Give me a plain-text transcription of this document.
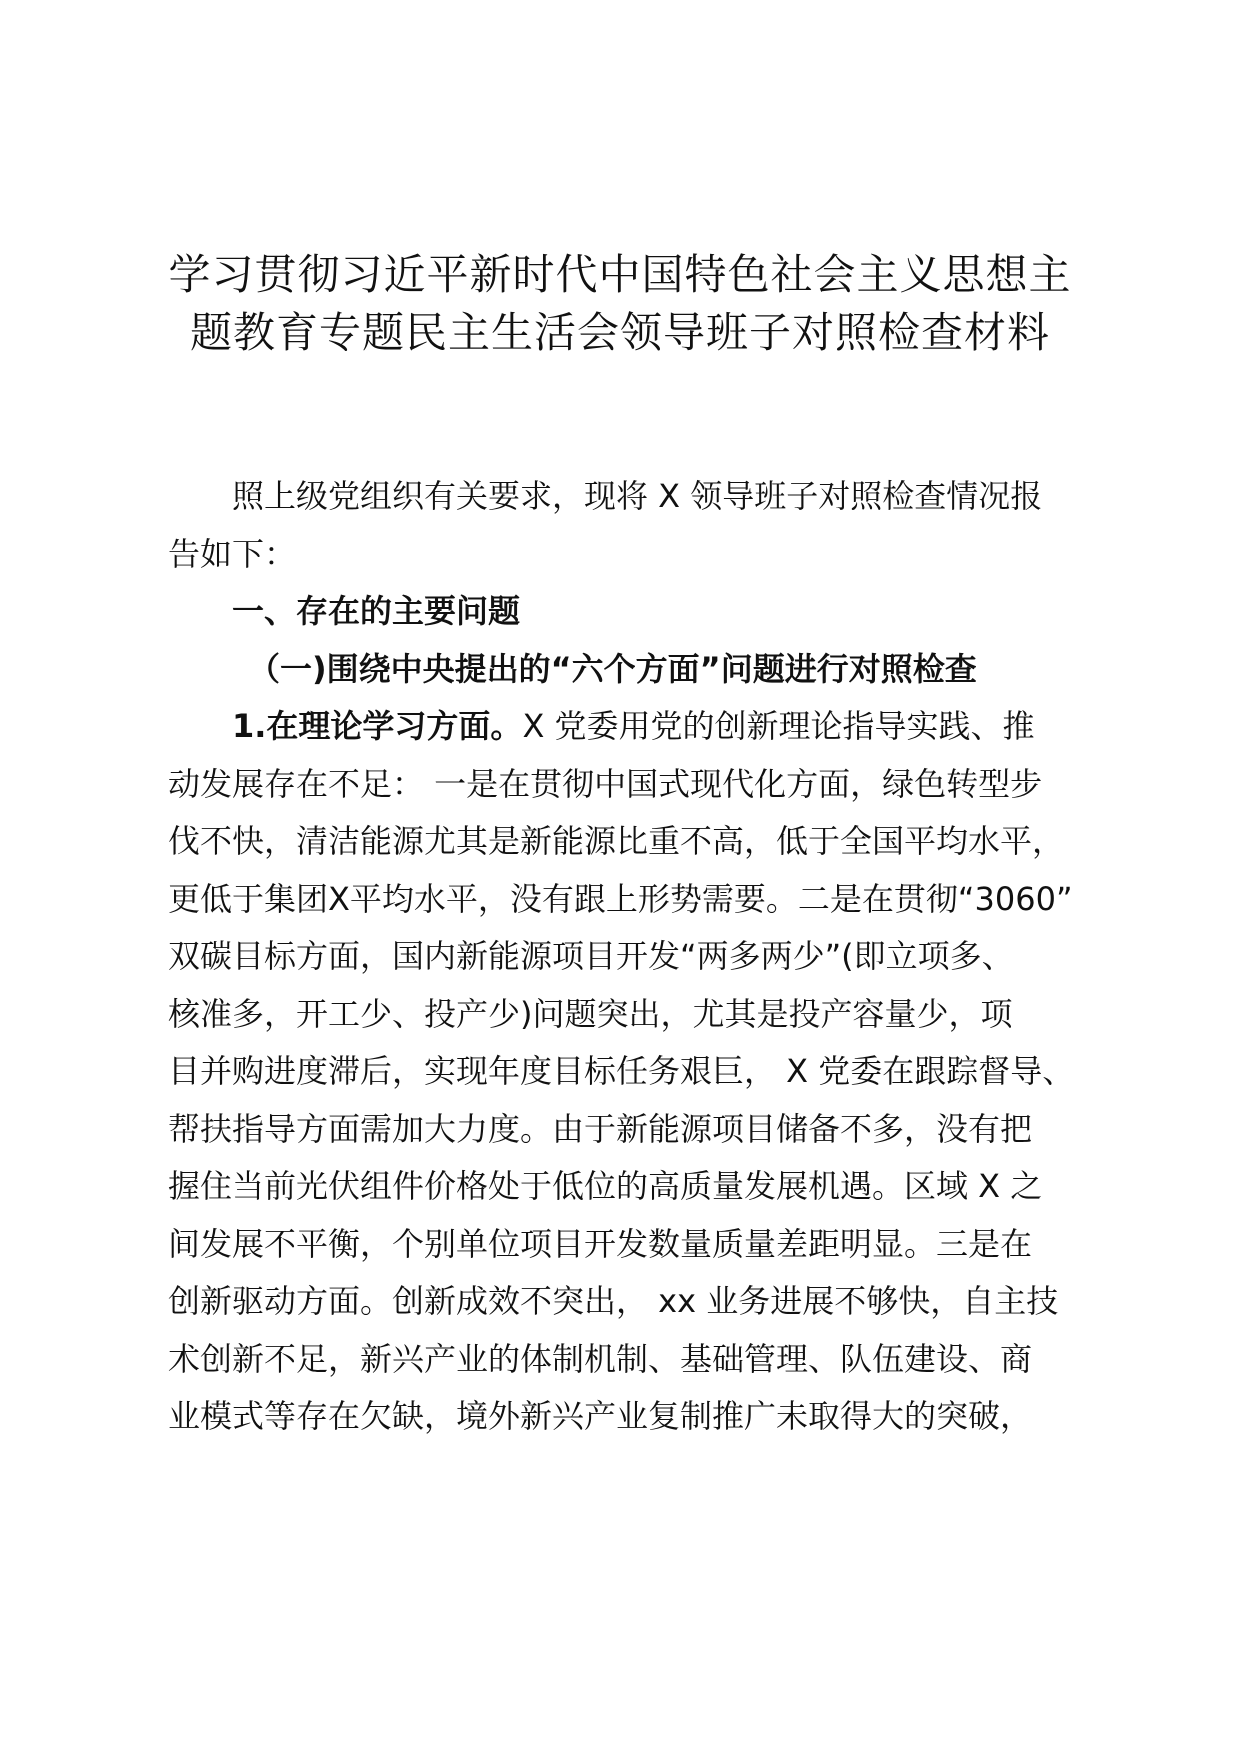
学习贯彻习近平新时代中国特色社会主义思想主
题教育专题民主生活会领导班子对照检查材料
照上级党组织有关要求，现将 X 领导班子对照检查情况报
告如下：
一、存在的主要问题
（一)围绕中央提出的“六个方面”问题进行对照检查
1.在理论学习方面。X 党委用党的创新理论指导实践、推
动发展存在不足： 一是在贯彻中国式现代化方面，绿色转型步
伐不快，清洁能源尤其是新能源比重不高，低于全国平均水平，
更低于集团X平均水平，没有跟上形势需要。二是在贯彻“3060”
双碳目标方面，国内新能源项目开发“两多两少”(即立项多、
核准多，开工少、投产少)问题突出，尤其是投产容量少，项
目并购进度滞后，实现年度目标任务艰巨， X 党委在跟踪督导、
帮扶指导方面需加大力度。由于新能源项目储备不多，没有把
握住当前光伏组件价格处于低位的高质量发展机遇。区域 X 之
间发展不平衡，个别单位项目开发数量质量差距明显。三是在
创新驱动方面。创新成效不突出， xx 业务进展不够快，自主技
术创新不足，新兴产业的体制机制、基础管理、队伍建设、商
业模式等存在欠缺，境外新兴产业复制推广未取得大的突破，
